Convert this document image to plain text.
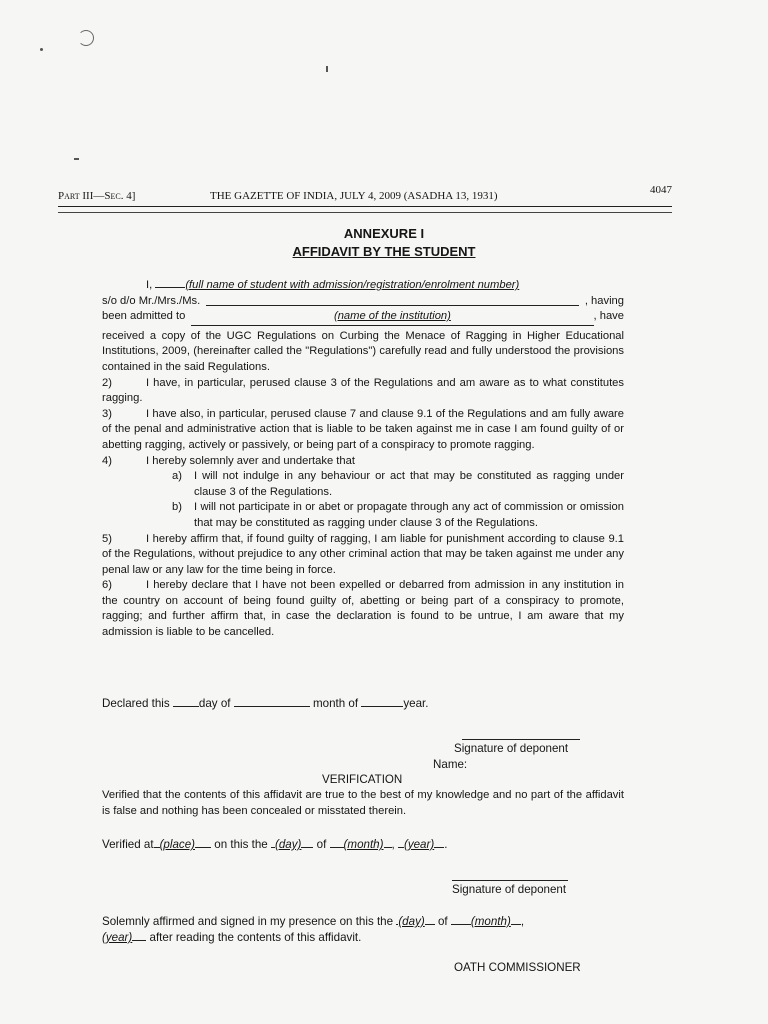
Part III—Sec. 4]	THE GAZETTE OF INDIA, JULY 4, 2009 (ASADHA 13, 1931)	4047

ANNEXURE I
AFFIDAVIT BY THE STUDENT

I,	(full name of student with admission/registration/enrolment number)

s/o d/o Mr./Mrs./Ms.	, having

been admitted to	(name of the institution)	, have

received a copy of the UGC Regulations on Curbing the Menace of Ragging in Higher Educational Institutions, 2009, (hereinafter called the "Regulations") carefully read and fully understood the provisions contained in the said Regulations.

2)	I have, in particular, perused clause 3 of the Regulations and am aware as to what constitutes ragging.

3)	I have also, in particular, perused clause 7 and clause 9.1 of the Regulations and am fully aware of the penal and administrative action that is liable to be taken against me in case I am found guilty of or abetting ragging, actively or passively, or being part of a conspiracy to promote ragging.

4)	I hereby solemnly aver and undertake that

a) I will not indulge in any behaviour or act that may be constituted as ragging under clause 3 of the Regulations.

b) I will not participate in or abet or propagate through any act of commission or omission that may be constituted as ragging under clause 3 of the Regulations.

5)	I hereby affirm that, if found guilty of ragging, I am liable for punishment according to clause 9.1 of the Regulations, without prejudice to any other criminal action that may be taken against me under any penal law or any law for the time being in force.

6)	I hereby declare that I have not been expelled or debarred from admission in any institution in the country on account of being found guilty of, abetting or being part of a conspiracy to promote, ragging; and further affirm that, in case the declaration is found to be untrue, I am aware that my admission is liable to be cancelled.

Declared this	day of	month of	year.
Signature of deponent
Name:
VERIFICATION
Verified that the contents of this affidavit are true to the best of my knowledge and no part of the affidavit is false and nothing has been concealed or misstated therein.
Verified at (place) on this the (day) of (month) , (year) .
Signature of deponent
Solemnly affirmed and signed in my presence on this the (day) of (month) ,
(year) after reading the contents of this affidavit.
OATH COMMISSIONER
